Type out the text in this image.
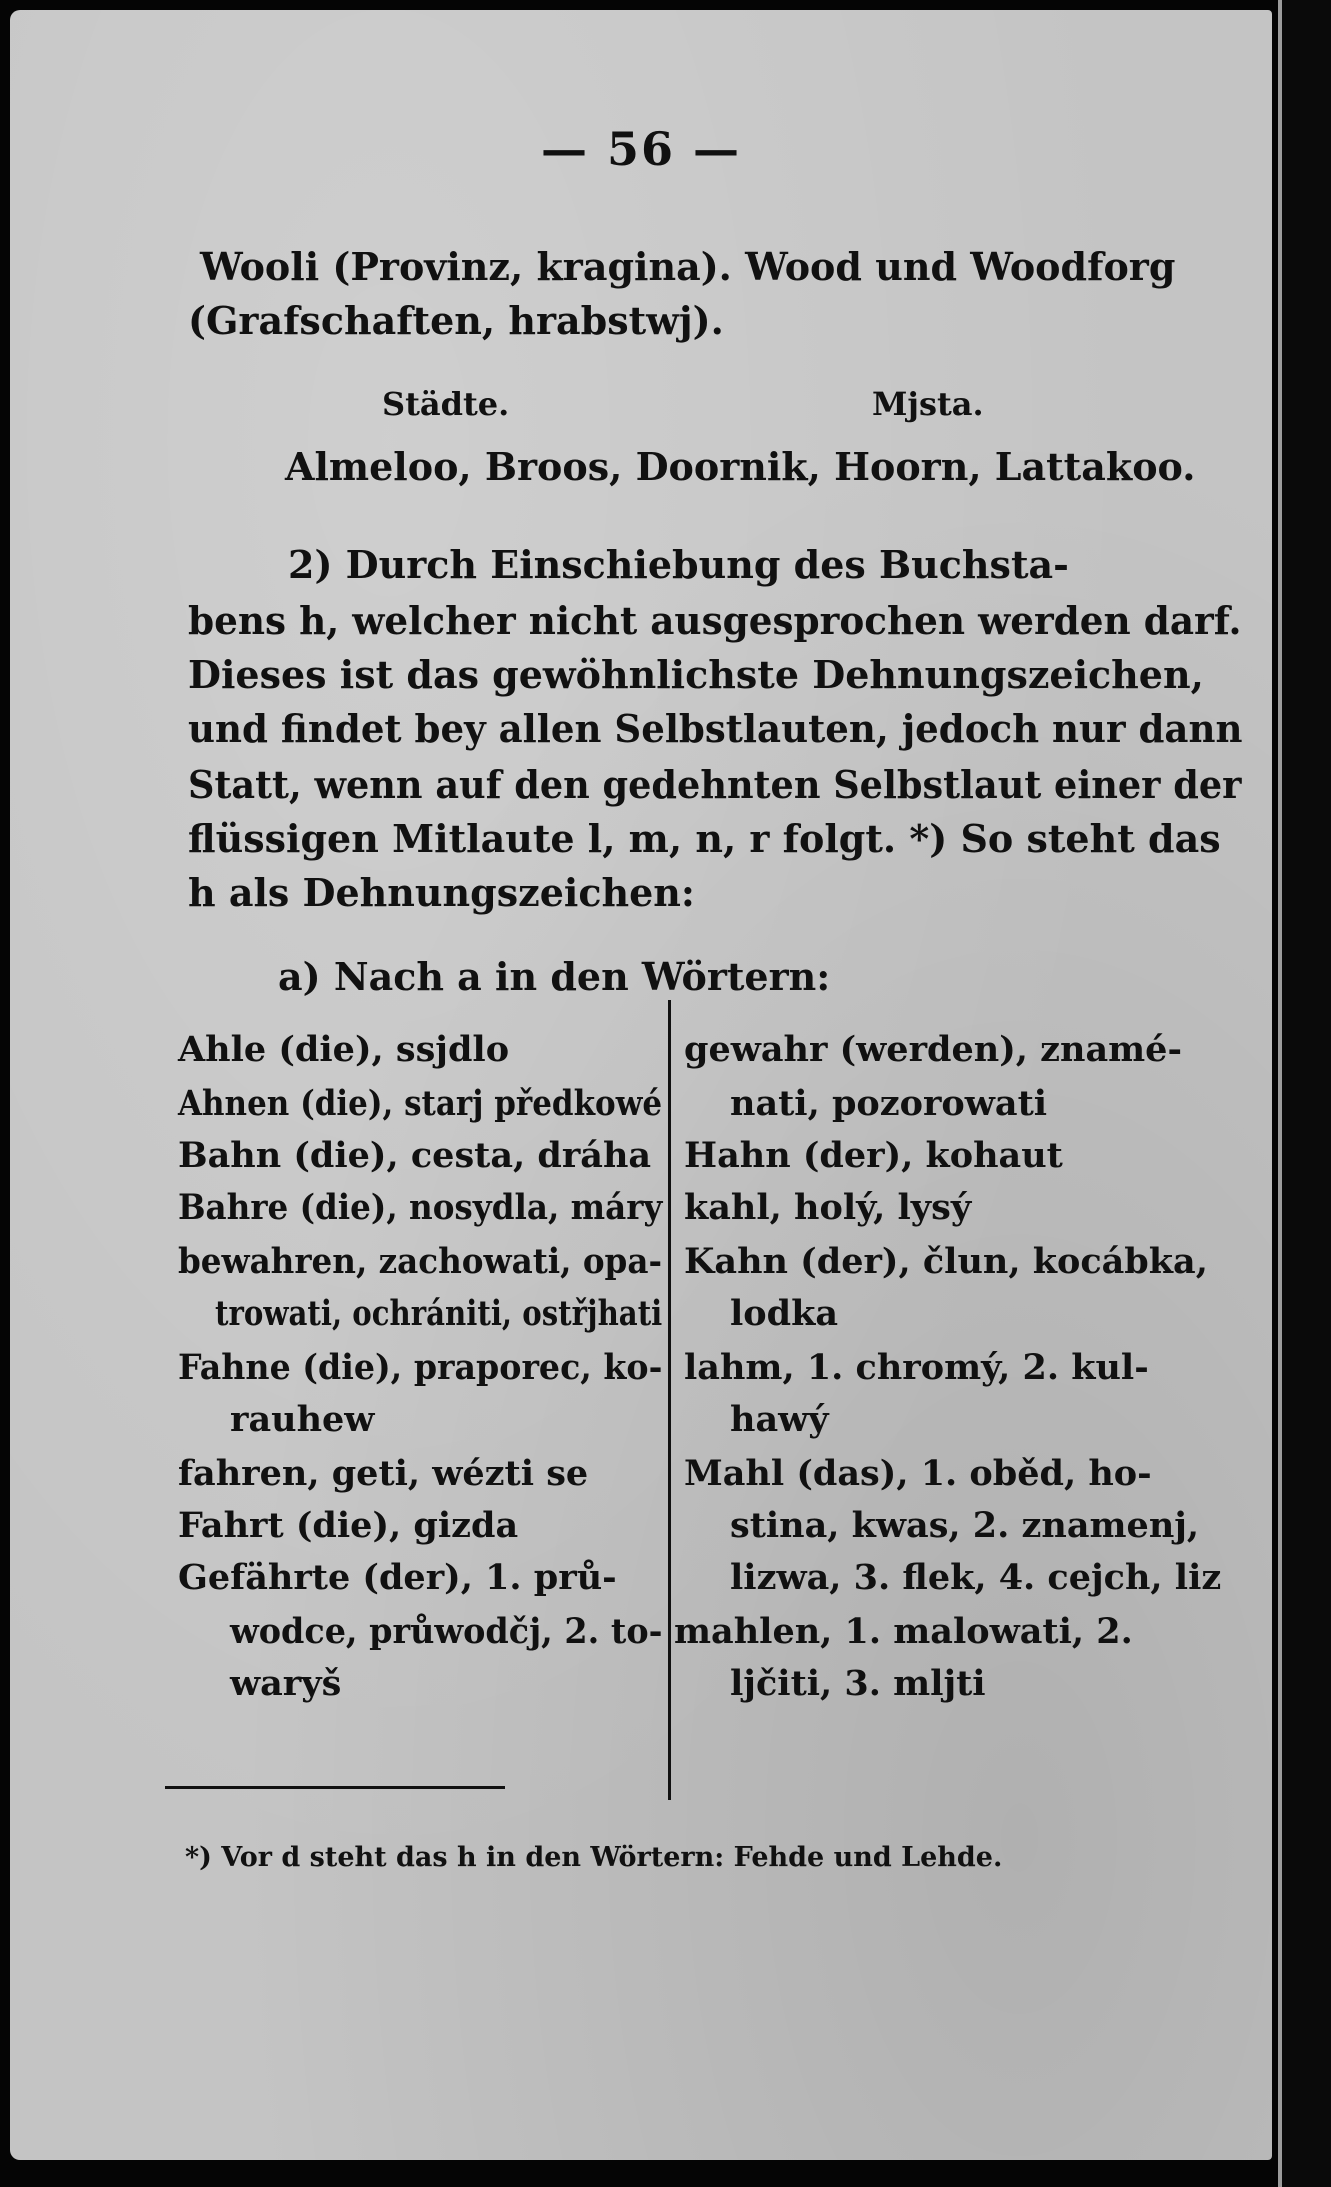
— 56 —
Wooli (Provinz, kragina). Wood und Woodforg
(Grafschaften, hrabstwj).
Städte.	Mjsta.
Almeloo, Broos, Doornik, Hoorn, Lattakoo.
2) Durch Einschiebung des Buchsta-
bens h, welcher nicht ausgesprochen werden darf.
Dieses ist das gewöhnlichste Dehnungszeichen,
und findet bey allen Selbstlauten, jedoch nur dann
Statt, wenn auf den gedehnten Selbstlaut einer der
flüssigen Mitlaute l, m, n, r folgt. *) So steht das
h als Dehnungszeichen:
a) Nach a in den Wörtern:
Ahle (die), ssjdlo
Ahnen (die), starj předkowé
Bahn (die), cesta, dráha
Bahre (die), nosydla, máry
bewahren, zachowati, opa-
trowati, ochrániti, ostřjhati
Fahne (die), praporec, ko-
rauhew
fahren, geti, wézti se
Fahrt (die), gizda
Gefährte (der), 1. prů-
wodce, průwodčj, 2. to-
waryš
gewahr (werden), znamé-
nati, pozorowati
Hahn (der), kohaut
kahl, holý, lysý
Kahn (der), člun, kocábka,
lodka
lahm, 1. chromý, 2. kul-
hawý
Mahl (das), 1. oběd, ho-
stina, kwas, 2. znamenj,
lizwa, 3. flek, 4. cejch, liz
mahlen, 1. malowati, 2.
ljčiti, 3. mljti
*) Vor d steht das h in den Wörtern: Fehde und Lehde.
